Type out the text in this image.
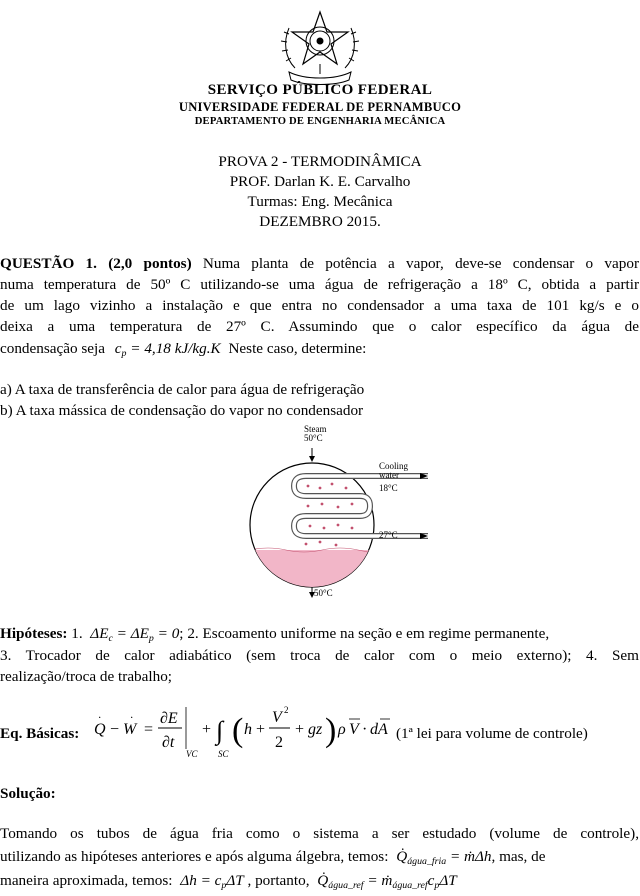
SERVIÇO PÚBLICO FEDERAL
UNIVERSIDADE FEDERAL DE PERNAMBUCO
DEPARTAMENTO DE ENGENHARIA MECÂNICA
PROVA 2 - TERMODINÂMICA
PROF. Darlan K. E. Carvalho
Turmas: Eng. Mecânica
DEZEMBRO 2015.
QUESTÃO 1. (2,0 pontos) Numa planta de potência a vapor, deve-se condensar o vapor
numa temperatura de 50º C utilizando-se uma água de refrigeração a 18º C, obtida a partir
de um lago vizinho a instalação e que entra no condensador a uma taxa de 101 kg/s e o
deixa a uma temperatura de 27º C. Assumindo que o calor específico da água de
condensação seja $c_p = 4,18$ kJ/kg.K Neste caso, determine:
a) A taxa de transferência de calor para água de refrigeração
b) A taxa mássica de condensação do vapor no condensador
Steam
50°C
Cooling
water
18°C
27°C
50°C
Hipóteses: 1.  $\Delta E_c = \Delta E_p = 0$; 2. Escoamento uniforme na seção e em regime permanente,
3. Trocador de calor adiabático (sem troca de calor com o meio externo); 4. Sem
realização/troca de trabalho;
Eq. Básicas: Q
·
− W
·
=
∂E
∂t
VC
+ ∫
SC
( h +
V 2
2
+ gz ) ρ V · dA (1ª lei para volume de controle)
Solução:
Tomando os tubos de água fria como o sistema a ser estudado (volume de controle),
utilizando as hipóteses anteriores e após alguma álgebra, temos: $Q̇_{água\_fria}$ = ṁΔh, mas, de
maneira aproximada, temos: $\Delta h = c_p\Delta T$ , portanto, $Q̇_{água\_ref}$ = $ṁ_{água\_ref}c_p\Delta T$
